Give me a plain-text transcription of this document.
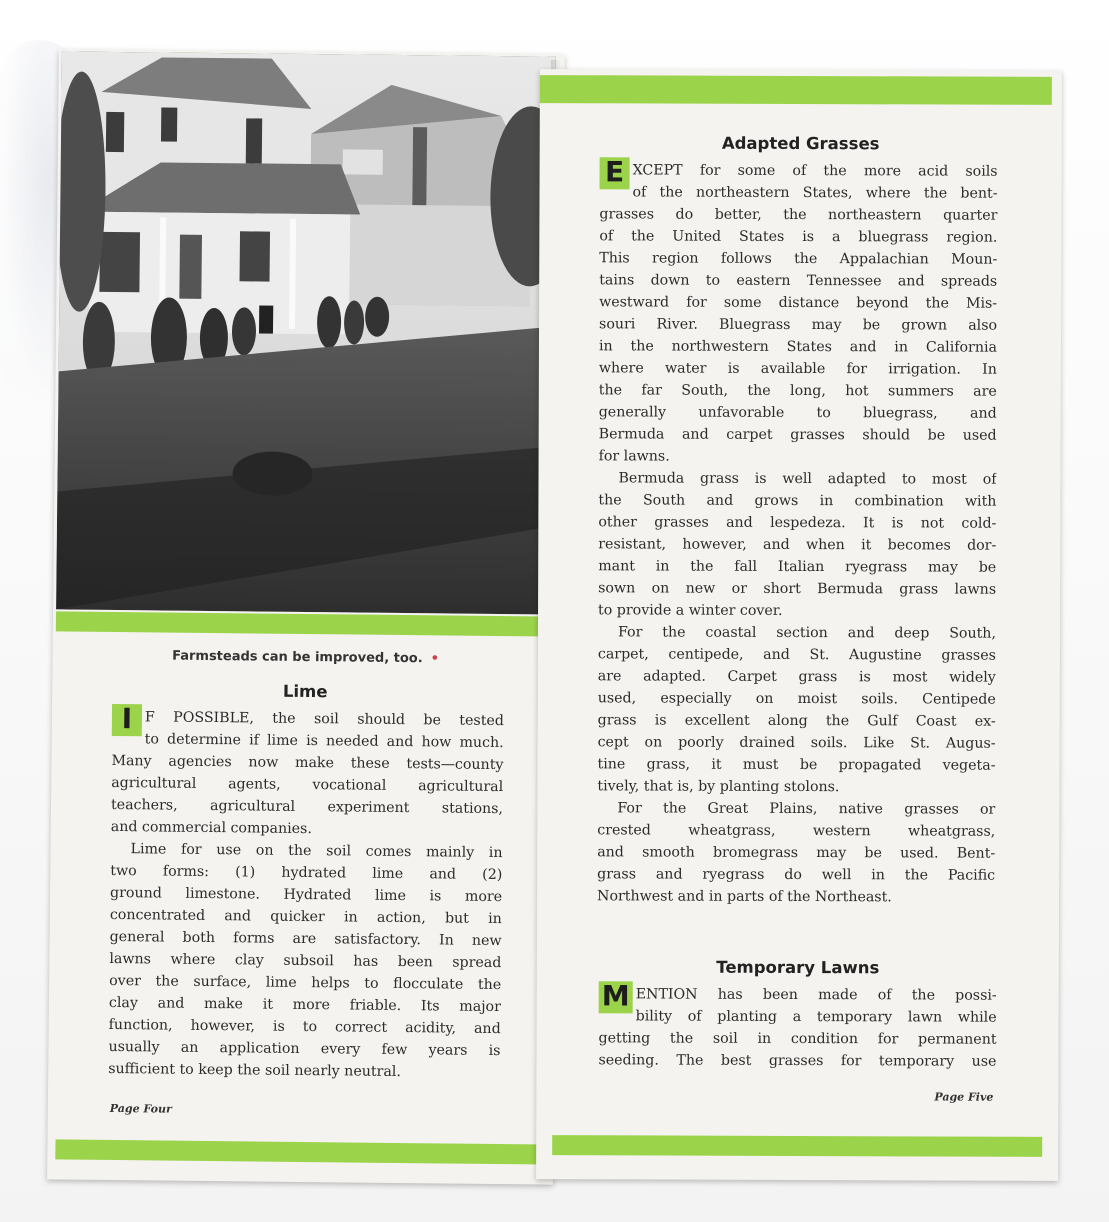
Farmsteads can be improved, too. •
Lime
I F POSSIBLE, the soil should be tested
to determine if lime is needed and how much.
Many agencies now make these tests—county
agricultural agents, vocational agricultural
teachers, agricultural experiment stations,
and commercial companies.
Lime for use on the soil comes mainly in
two forms: (1) hydrated lime and (2)
ground limestone. Hydrated lime is more
concentrated and quicker in action, but in
general both forms are satisfactory. In new
lawns where clay subsoil has been spread
over the surface, lime helps to flocculate the
clay and make it more friable. Its major
function, however, is to correct acidity, and
usually an application every few years is
sufficient to keep the soil nearly neutral.
Page Four
Adapted Grasses
E XCEPT for some of the more acid soils
of the northeastern States, where the bent-
grasses do better, the northeastern quarter
of the United States is a bluegrass region.
This region follows the Appalachian Moun-
tains down to eastern Tennessee and spreads
westward for some distance beyond the Mis-
souri River. Bluegrass may be grown also
in the northwestern States and in California
where water is available for irrigation. In
the far South, the long, hot summers are
generally unfavorable to bluegrass, and
Bermuda and carpet grasses should be used
for lawns.
Bermuda grass is well adapted to most of
the South and grows in combination with
other grasses and lespedeza. It is not cold-
resistant, however, and when it becomes dor-
mant in the fall Italian ryegrass may be
sown on new or short Bermuda grass lawns
to provide a winter cover.
For the coastal section and deep South,
carpet, centipede, and St. Augustine grasses
are adapted. Carpet grass is most widely
used, especially on moist soils. Centipede
grass is excellent along the Gulf Coast ex-
cept on poorly drained soils. Like St. Augus-
tine grass, it must be propagated vegeta-
tively, that is, by planting stolons.
For the Great Plains, native grasses or
crested wheatgrass, western wheatgrass,
and smooth bromegrass may be used. Bent-
grass and ryegrass do well in the Pacific
Northwest and in parts of the Northeast.
Temporary Lawns
M ENTION has been made of the possi-
bility of planting a temporary lawn while
getting the soil in condition for permanent
seeding. The best grasses for temporary use
Page Five
